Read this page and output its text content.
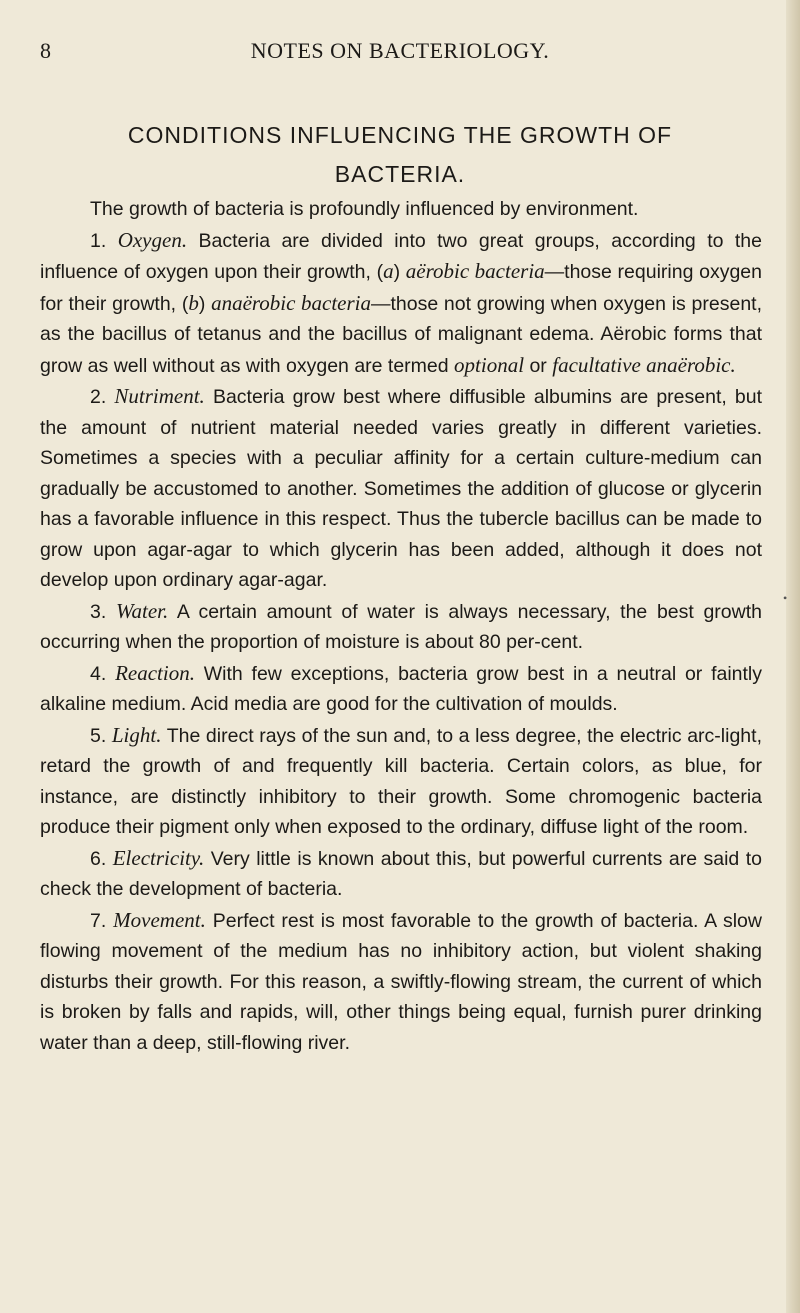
8	NOTES ON BACTERIOLOGY.
CONDITIONS INFLUENCING THE GROWTH OF
BACTERIA.

The growth of bacteria is profoundly influenced by environment.

1. Oxygen. Bacteria are divided into two great groups, according to the influence of oxygen upon their growth, (a) aërobic bacteria—those requiring oxygen for their growth, (b) anaërobic bacteria—those not growing when oxygen is present, as the bacillus of tetanus and the bacillus of malignant edema. Aërobic forms that grow as well without as with oxygen are termed optional or facultative anaërobic.

2. Nutriment. Bacteria grow best where diffusible albumins are present, but the amount of nutrient material needed varies greatly in different varieties. Sometimes a species with a peculiar affinity for a certain culture-medium can gradually be accustomed to another. Sometimes the addition of glucose or glycerin has a favorable influence in this respect. Thus the tubercle bacillus can be made to grow upon agar-agar to which glycerin has been added, although it does not develop upon ordinary agar-agar.

3. Water. A certain amount of water is always necessary, the best growth occurring when the proportion of moisture is about 80 per-cent.

4. Reaction. With few exceptions, bacteria grow best in a neutral or faintly alkaline medium. Acid media are good for the cultivation of moulds.

5. Light. The direct rays of the sun and, to a less degree, the electric arc-light, retard the growth of and frequently kill bacteria. Certain colors, as blue, for instance, are distinctly inhibitory to their growth. Some chromogenic bacteria produce their pigment only when exposed to the ordinary, diffuse light of the room.

6. Electricity. Very little is known about this, but powerful currents are said to check the development of bacteria.

7. Movement. Perfect rest is most favorable to the growth of bacteria. A slow flowing movement of the medium has no inhibitory action, but violent shaking disturbs their growth. For this reason, a swiftly-flowing stream, the current of which is broken by falls and rapids, will, other things being equal, furnish purer drinking water than a deep, still-flowing river.

•
